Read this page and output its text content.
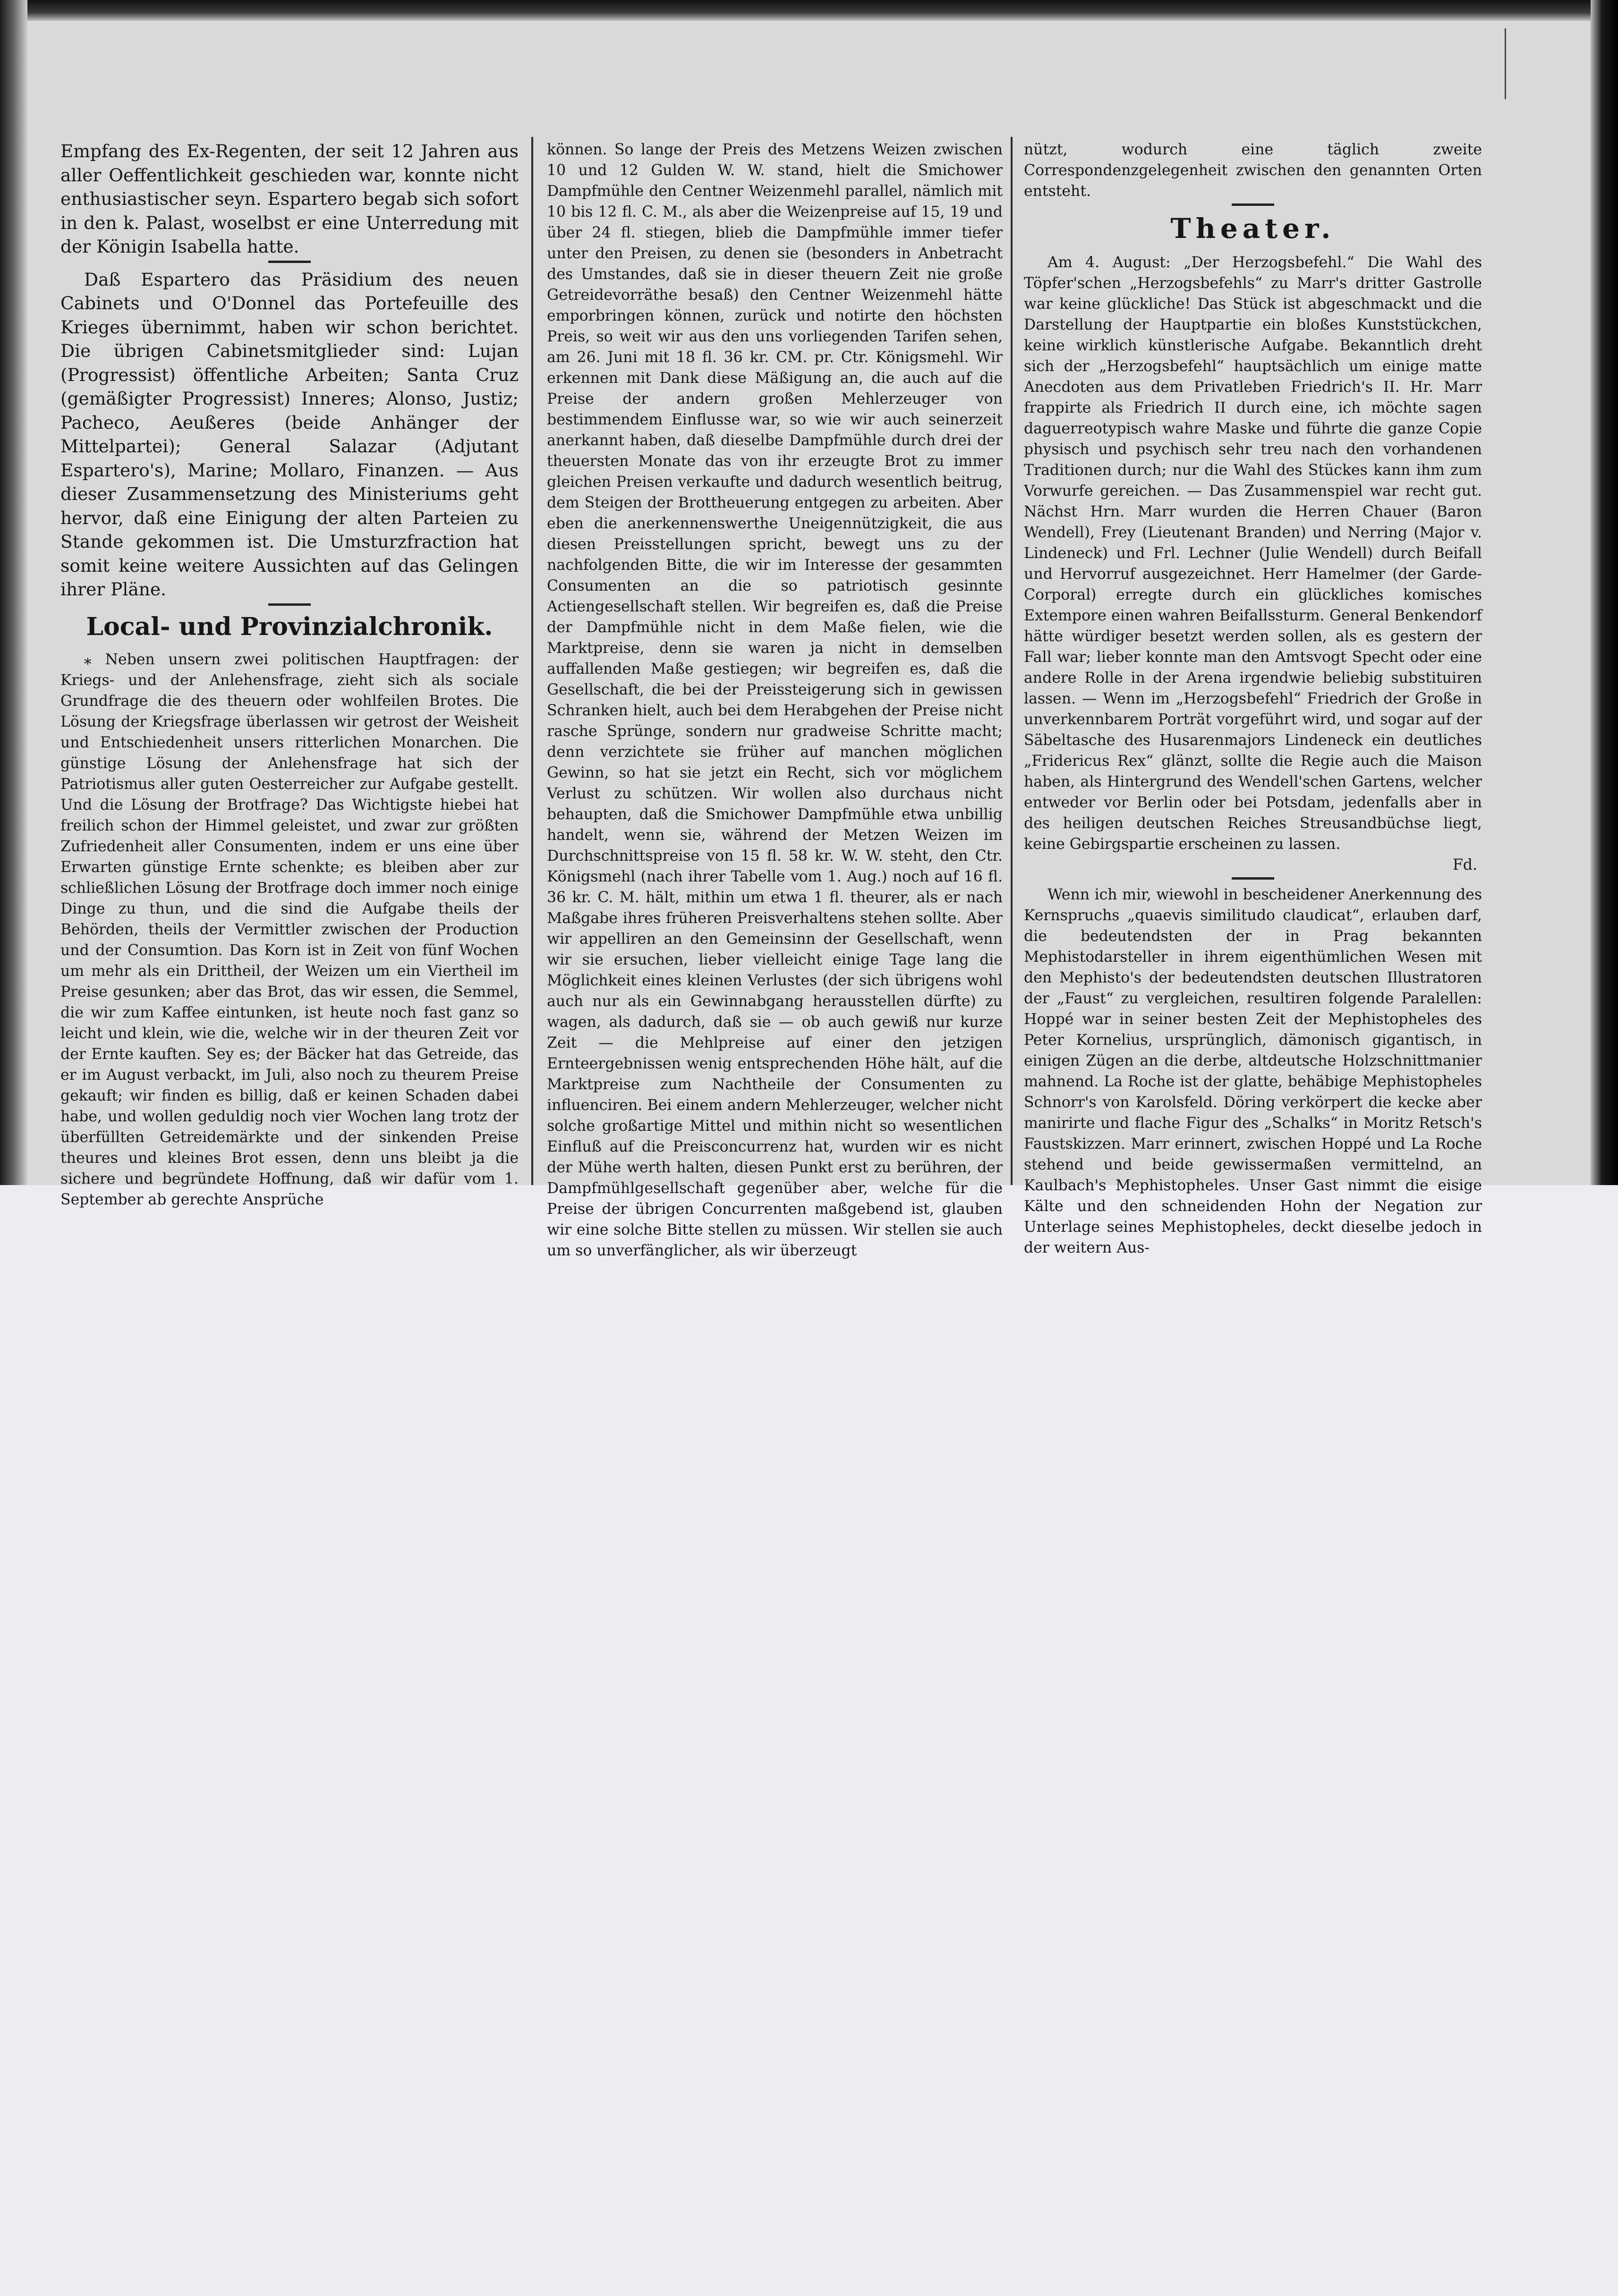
Empfang des Ex-Regenten, der seit 12 Jahren aus aller Oeffentlichkeit geschieden war, konnte nicht enthusiastischer seyn. Espartero begab sich sofort in den k. Palast, woselbst er eine Unterredung mit der Königin Isabella hatte.

Daß Espartero das Präsidium des neuen Cabinets und O'Donnel das Portefeuille des Krieges übernimmt, haben wir schon berichtet. Die übrigen Cabinetsmitglieder sind: Lujan (Progressist) öffentliche Arbeiten; Santa Cruz (gemäßigter Progressist) Inneres; Alonso, Justiz; Pacheco, Aeußeres (beide Anhänger der Mittelpartei); General Salazar (Adjutant Espartero's), Marine; Mollaro, Finanzen. — Aus dieser Zusammensetzung des Ministeriums geht hervor, daß eine Einigung der alten Parteien zu Stande gekommen ist. Die Umsturzfraction hat somit keine weitere Aussichten auf das Gelingen ihrer Pläne.

Local- und Provinzialchronik.

⁎ Neben unsern zwei politischen Hauptfragen: der Kriegs- und der Anlehensfrage, zieht sich als sociale Grundfrage die des theuern oder wohlfeilen Brotes. Die Lösung der Kriegsfrage überlassen wir getrost der Weisheit und Entschiedenheit unsers ritterlichen Monarchen. Die günstige Lösung der Anlehensfrage hat sich der Patriotismus aller guten Oesterreicher zur Aufgabe gestellt. Und die Lösung der Brotfrage? Das Wichtigste hiebei hat freilich schon der Himmel geleistet, und zwar zur größten Zufriedenheit aller Consumenten, indem er uns eine über Erwarten günstige Ernte schenkte; es bleiben aber zur schließlichen Lösung der Brotfrage doch immer noch einige Dinge zu thun, und die sind die Aufgabe theils der Behörden, theils der Vermittler zwischen der Production und der Consumtion. Das Korn ist in Zeit von fünf Wochen um mehr als ein Drittheil, der Weizen um ein Viertheil im Preise gesunken; aber das Brot, das wir essen, die Semmel, die wir zum Kaffee eintunken, ist heute noch fast ganz so leicht und klein, wie die, welche wir in der theuren Zeit vor der Ernte kauften. Sey es; der Bäcker hat das Getreide, das er im August verbackt, im Juli, also noch zu theurem Preise gekauft; wir finden es billig, daß er keinen Schaden dabei habe, und wollen geduldig noch vier Wochen lang trotz der überfüllten Getreidemärkte und der sinkenden Preise theures und kleines Brot essen, denn uns bleibt ja die sichere und begründete Hoffnung, daß wir dafür vom 1. September ab gerechte Ansprüche

können. So lange der Preis des Metzens Weizen zwischen 10 und 12 Gulden W. W. stand, hielt die Smichower Dampfmühle den Centner Weizenmehl parallel, nämlich mit 10 bis 12 fl. C. M., als aber die Weizenpreise auf 15, 19 und über 24 fl. stiegen, blieb die Dampfmühle immer tiefer unter den Preisen, zu denen sie (besonders in Anbetracht des Umstandes, daß sie in dieser theuern Zeit nie große Getreidevorräthe besaß) den Centner Weizenmehl hätte emporbringen können, zurück und notirte den höchsten Preis, so weit wir aus den uns vorliegenden Tarifen sehen, am 26. Juni mit 18 fl. 36 kr. CM. pr. Ctr. Königsmehl. Wir erkennen mit Dank diese Mäßigung an, die auch auf die Preise der andern großen Mehlerzeuger von bestimmendem Einflusse war, so wie wir auch seinerzeit anerkannt haben, daß dieselbe Dampfmühle durch drei der theuersten Monate das von ihr erzeugte Brot zu immer gleichen Preisen verkaufte und dadurch wesentlich beitrug, dem Steigen der Brottheuerung entgegen zu arbeiten. Aber eben die anerkennenswerthe Uneigennützigkeit, die aus diesen Preisstellungen spricht, bewegt uns zu der nachfolgenden Bitte, die wir im Interesse der gesammten Consumenten an die so patriotisch gesinnte Actiengesellschaft stellen. Wir begreifen es, daß die Preise der Dampfmühle nicht in dem Maße fielen, wie die Marktpreise, denn sie waren ja nicht in demselben auffallenden Maße gestiegen; wir begreifen es, daß die Gesellschaft, die bei der Preissteigerung sich in gewissen Schranken hielt, auch bei dem Herabgehen der Preise nicht rasche Sprünge, sondern nur gradweise Schritte macht; denn verzichtete sie früher auf manchen möglichen Gewinn, so hat sie jetzt ein Recht, sich vor möglichem Verlust zu schützen. Wir wollen also durchaus nicht behaupten, daß die Smichower Dampfmühle etwa unbillig handelt, wenn sie, während der Metzen Weizen im Durchschnittspreise von 15 fl. 58 kr. W. W. steht, den Ctr. Königsmehl (nach ihrer Tabelle vom 1. Aug.) noch auf 16 fl. 36 kr. C. M. hält, mithin um etwa 1 fl. theurer, als er nach Maßgabe ihres früheren Preisverhaltens stehen sollte. Aber wir appelliren an den Gemeinsinn der Gesellschaft, wenn wir sie ersuchen, lieber vielleicht einige Tage lang die Möglichkeit eines kleinen Verlustes (der sich übrigens wohl auch nur als ein Gewinnabgang herausstellen dürfte) zu wagen, als dadurch, daß sie — ob auch gewiß nur kurze Zeit — die Mehlpreise auf einer den jetzigen Ernteergebnissen wenig entsprechenden Höhe hält, auf die Marktpreise zum Nachtheile der Consumenten zu influenciren. Bei einem andern Mehlerzeuger, welcher nicht solche großartige Mittel und mithin nicht so wesentlichen Einfluß auf die Preisconcurrenz hat, wurden wir es nicht der Mühe werth halten, diesen Punkt erst zu berühren, der Dampfmühlgesellschaft gegenüber aber, welche für die Preise der übrigen Concurrenten maßgebend ist, glauben wir eine solche Bitte stellen zu müssen. Wir stellen sie auch um so unverfänglicher, als wir überzeugt

nützt, wodurch eine täglich zweite Correspondenzgelegenheit zwischen den genannten Orten entsteht.

Theater.

Am 4. August: „Der Herzogsbefehl.“ Die Wahl des Töpfer'schen „Herzogsbefehls“ zu Marr's dritter Gastrolle war keine glückliche! Das Stück ist abgeschmackt und die Darstellung der Hauptpartie ein bloßes Kunststückchen, keine wirklich künstlerische Aufgabe. Bekanntlich dreht sich der „Herzogsbefehl“ hauptsächlich um einige matte Anecdoten aus dem Privatleben Friedrich's II. Hr. Marr frappirte als Friedrich II durch eine, ich möchte sagen daguerreotypisch wahre Maske und führte die ganze Copie physisch und psychisch sehr treu nach den vorhandenen Traditionen durch; nur die Wahl des Stückes kann ihm zum Vorwurfe gereichen. — Das Zusammenspiel war recht gut. Nächst Hrn. Marr wurden die Herren Chauer (Baron Wendell), Frey (Lieutenant Branden) und Nerring (Major v. Lindeneck) und Frl. Lechner (Julie Wendell) durch Beifall und Hervorruf ausgezeichnet. Herr Hamelmer (der Garde-Corporal) erregte durch ein glückliches komisches Extempore einen wahren Beifallssturm. General Benkendorf hätte würdiger besetzt werden sollen, als es gestern der Fall war; lieber konnte man den Amtsvogt Specht oder eine andere Rolle in der Arena irgendwie beliebig substituiren lassen. — Wenn im „Herzogsbefehl“ Friedrich der Große in unverkennbarem Porträt vorgeführt wird, und sogar auf der Säbeltasche des Husarenmajors Lindeneck ein deutliches „Fridericus Rex“ glänzt, sollte die Regie auch die Maison haben, als Hintergrund des Wendell'schen Gartens, welcher entweder vor Berlin oder bei Potsdam, jedenfalls aber in des heiligen deutschen Reiches Streusandbüchse liegt, keine Gebirgspartie erscheinen zu lassen.

Fd.

Wenn ich mir, wiewohl in bescheidener Anerkennung des Kernspruchs „quaevis similitudo claudicat“, erlauben darf, die bedeutendsten der in Prag bekannten Mephistodarsteller in ihrem eigenthümlichen Wesen mit den Mephisto's der bedeutendsten deutschen Illustratoren der „Faust“ zu vergleichen, resultiren folgende Paralellen: Hoppé war in seiner besten Zeit der Mephistopheles des Peter Kornelius, ursprünglich, dämonisch gigantisch, in einigen Zügen an die derbe, altdeutsche Holzschnittmanier mahnend. La Roche ist der glatte, behäbige Mephistopheles Schnorr's von Karolsfeld. Döring verkörpert die kecke aber manirirte und flache Figur des „Schalks“ in Moritz Retsch's Faustskizzen. Marr erinnert, zwischen Hoppé und La Roche stehend und beide gewissermaßen vermittelnd, an Kaulbach's Mephistopheles. Unser Gast nimmt die eisige Kälte und den schneidenden Hohn der Negation zur Unterlage seines Mephistopheles, deckt dieselbe jedoch in der weitern Aus-
